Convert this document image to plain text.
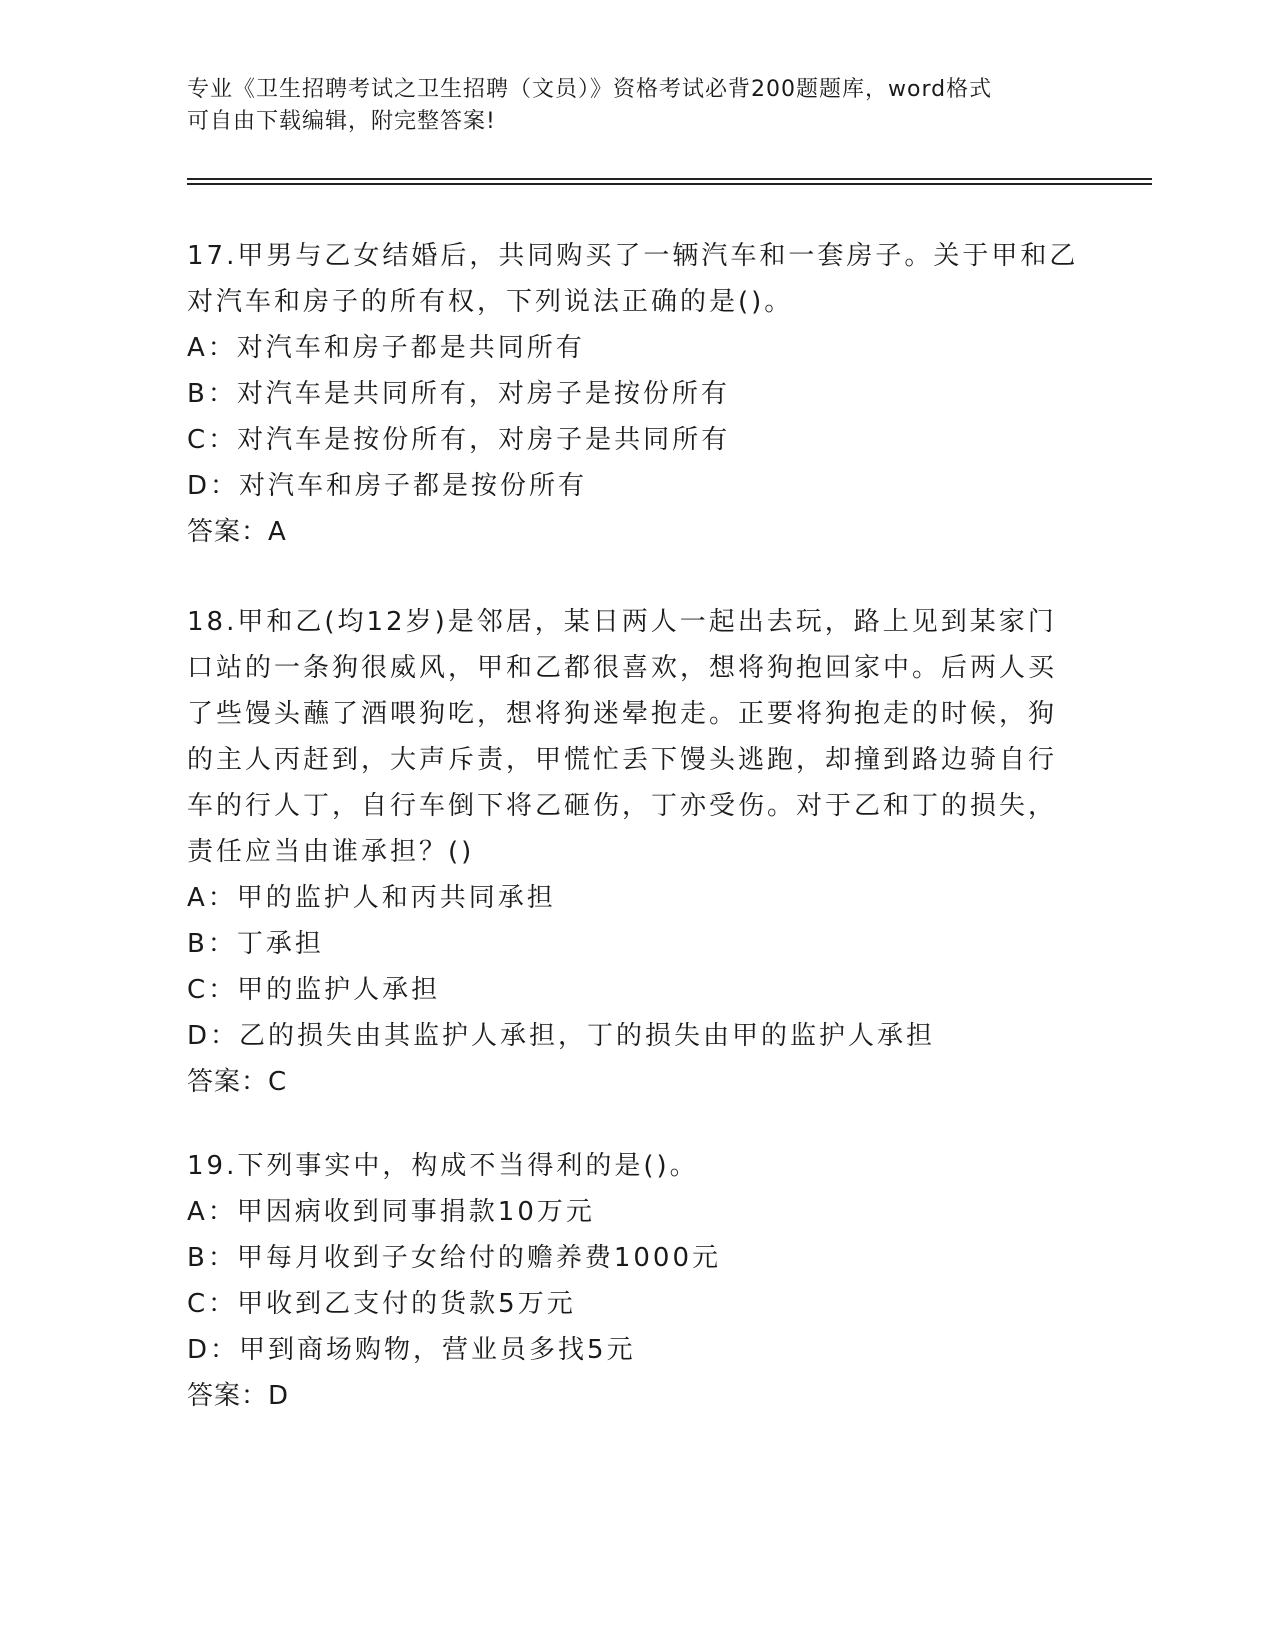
专业《卫生招聘考试之卫生招聘（文员）》资格考试必背200题题库，word格式
可自由下载编辑，附完整答案!
17.甲男与乙女结婚后，共同购买了一辆汽车和一套房子。关于甲和乙
对汽车和房子的所有权，下列说法正确的是()。
A：对汽车和房子都是共同所有
B：对汽车是共同所有，对房子是按份所有
C：对汽车是按份所有，对房子是共同所有
D：对汽车和房子都是按份所有
答案：A
18.甲和乙(均12岁)是邻居，某日两人一起出去玩，路上见到某家门
口站的一条狗很威风，甲和乙都很喜欢，想将狗抱回家中。后两人买
了些馒头蘸了酒喂狗吃，想将狗迷晕抱走。正要将狗抱走的时候，狗
的主人丙赶到，大声斥责，甲慌忙丢下馒头逃跑，却撞到路边骑自行
车的行人丁，自行车倒下将乙砸伤，丁亦受伤。对于乙和丁的损失，
责任应当由谁承担？()
A：甲的监护人和丙共同承担
B：丁承担
C：甲的监护人承担
D：乙的损失由其监护人承担，丁的损失由甲的监护人承担
答案：C
19.下列事实中，构成不当得利的是()。
A：甲因病收到同事捐款10万元
B：甲每月收到子女给付的赡养费1000元
C：甲收到乙支付的货款5万元
D：甲到商场购物，营业员多找5元
答案：D
